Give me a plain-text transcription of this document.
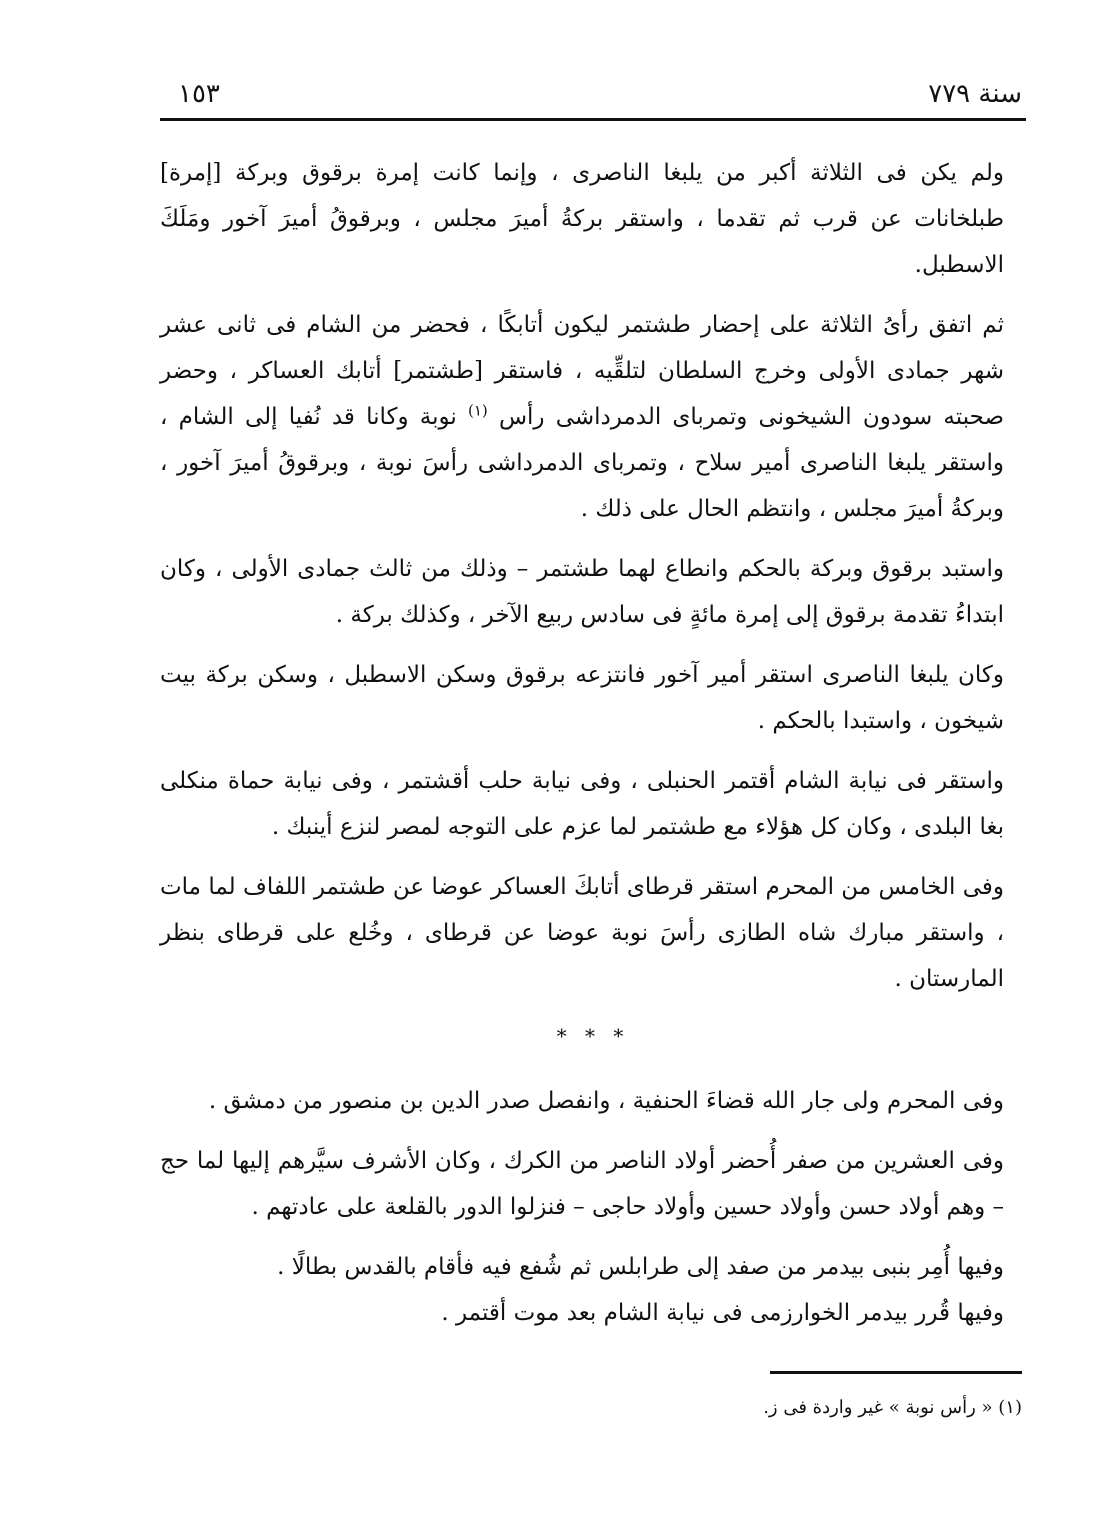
سنة ٧٧٩
١٥٣

ولم يكن فى الثلاثة أكبر من يلبغا الناصرى ، وإنما كانت إمرة برقوق وبركة [إمرة] طبلخانات عن قرب ثم تقدما ، واستقر بركةُ أميرَ مجلس ، وبرقوقُ أميرَ آخور ومَلَكَ الاسطبل.

ثم اتفق رأىُ الثلاثة على إحضار طشتمر ليكون أتابكًا ، فحضر من الشام فى ثانى عشر شهر جمادى الأولى وخرج السلطان لتلقِّيه ، فاستقر [طشتمر] أتابك العساكر ، وحضر صحبته سودون الشيخونى وتمرباى الدمرداشى رأس $^{(١)}$ نوبة وكانا قد نُفيا إلى الشام ، واستقر يلبغا الناصرى أمير سلاح ، وتمرباى الدمرداشى رأسَ نوبة ، وبرقوقُ أميرَ آخور ، وبركةُ أميرَ مجلس ، وانتظم الحال على ذلك .

واستبد برقوق وبركة بالحكم وانطاع لهما طشتمر – وذلك من ثالث جمادى الأولى ، وكان ابتداءُ تقدمة برقوق إلى إمرة مائةٍ فى سادس ربيع الآخر ، وكذلك بركة .

وكان يلبغا الناصرى استقر أمير آخور فانتزعه برقوق وسكن الاسطبل ، وسكن بركة بيت شيخون ، واستبدا بالحكم .

واستقر فى نيابة الشام أقتمر الحنبلى ، وفى نيابة حلب أقشتمر ، وفى نيابة حماة منكلى بغا البلدى ، وكان كل هؤلاء مع طشتمر لما عزم على التوجه لمصر لنزع أينبك .

وفى الخامس من المحرم استقر قرطاى أتابكَ العساكر عوضا عن طشتمر اللفاف لما مات ، واستقر مبارك شاه الطازى رأسَ نوبة عوضا عن قرطاى ، وخُلع على قرطاى بنظر المارستان .

* * *

وفى المحرم ولى جار الله قضاءَ الحنفية ، وانفصل صدر الدين بن منصور من دمشق .

وفى العشرين من صفر أُحضر أولاد الناصر من الكرك ، وكان الأشرف سيَّرهم إليها لما حج – وهم أولاد حسن وأولاد حسين وأولاد حاجى – فنزلوا الدور بالقلعة على عادتهم .

وفيها أُمِر بنبى بيدمر من صفد إلى طرابلس ثم شُفع فيه فأقام بالقدس بطالًا .

وفيها قُرر بيدمر الخوارزمى فى نيابة الشام بعد موت أقتمر .

(١) « رأس نوبة » غير واردة فى ز.
